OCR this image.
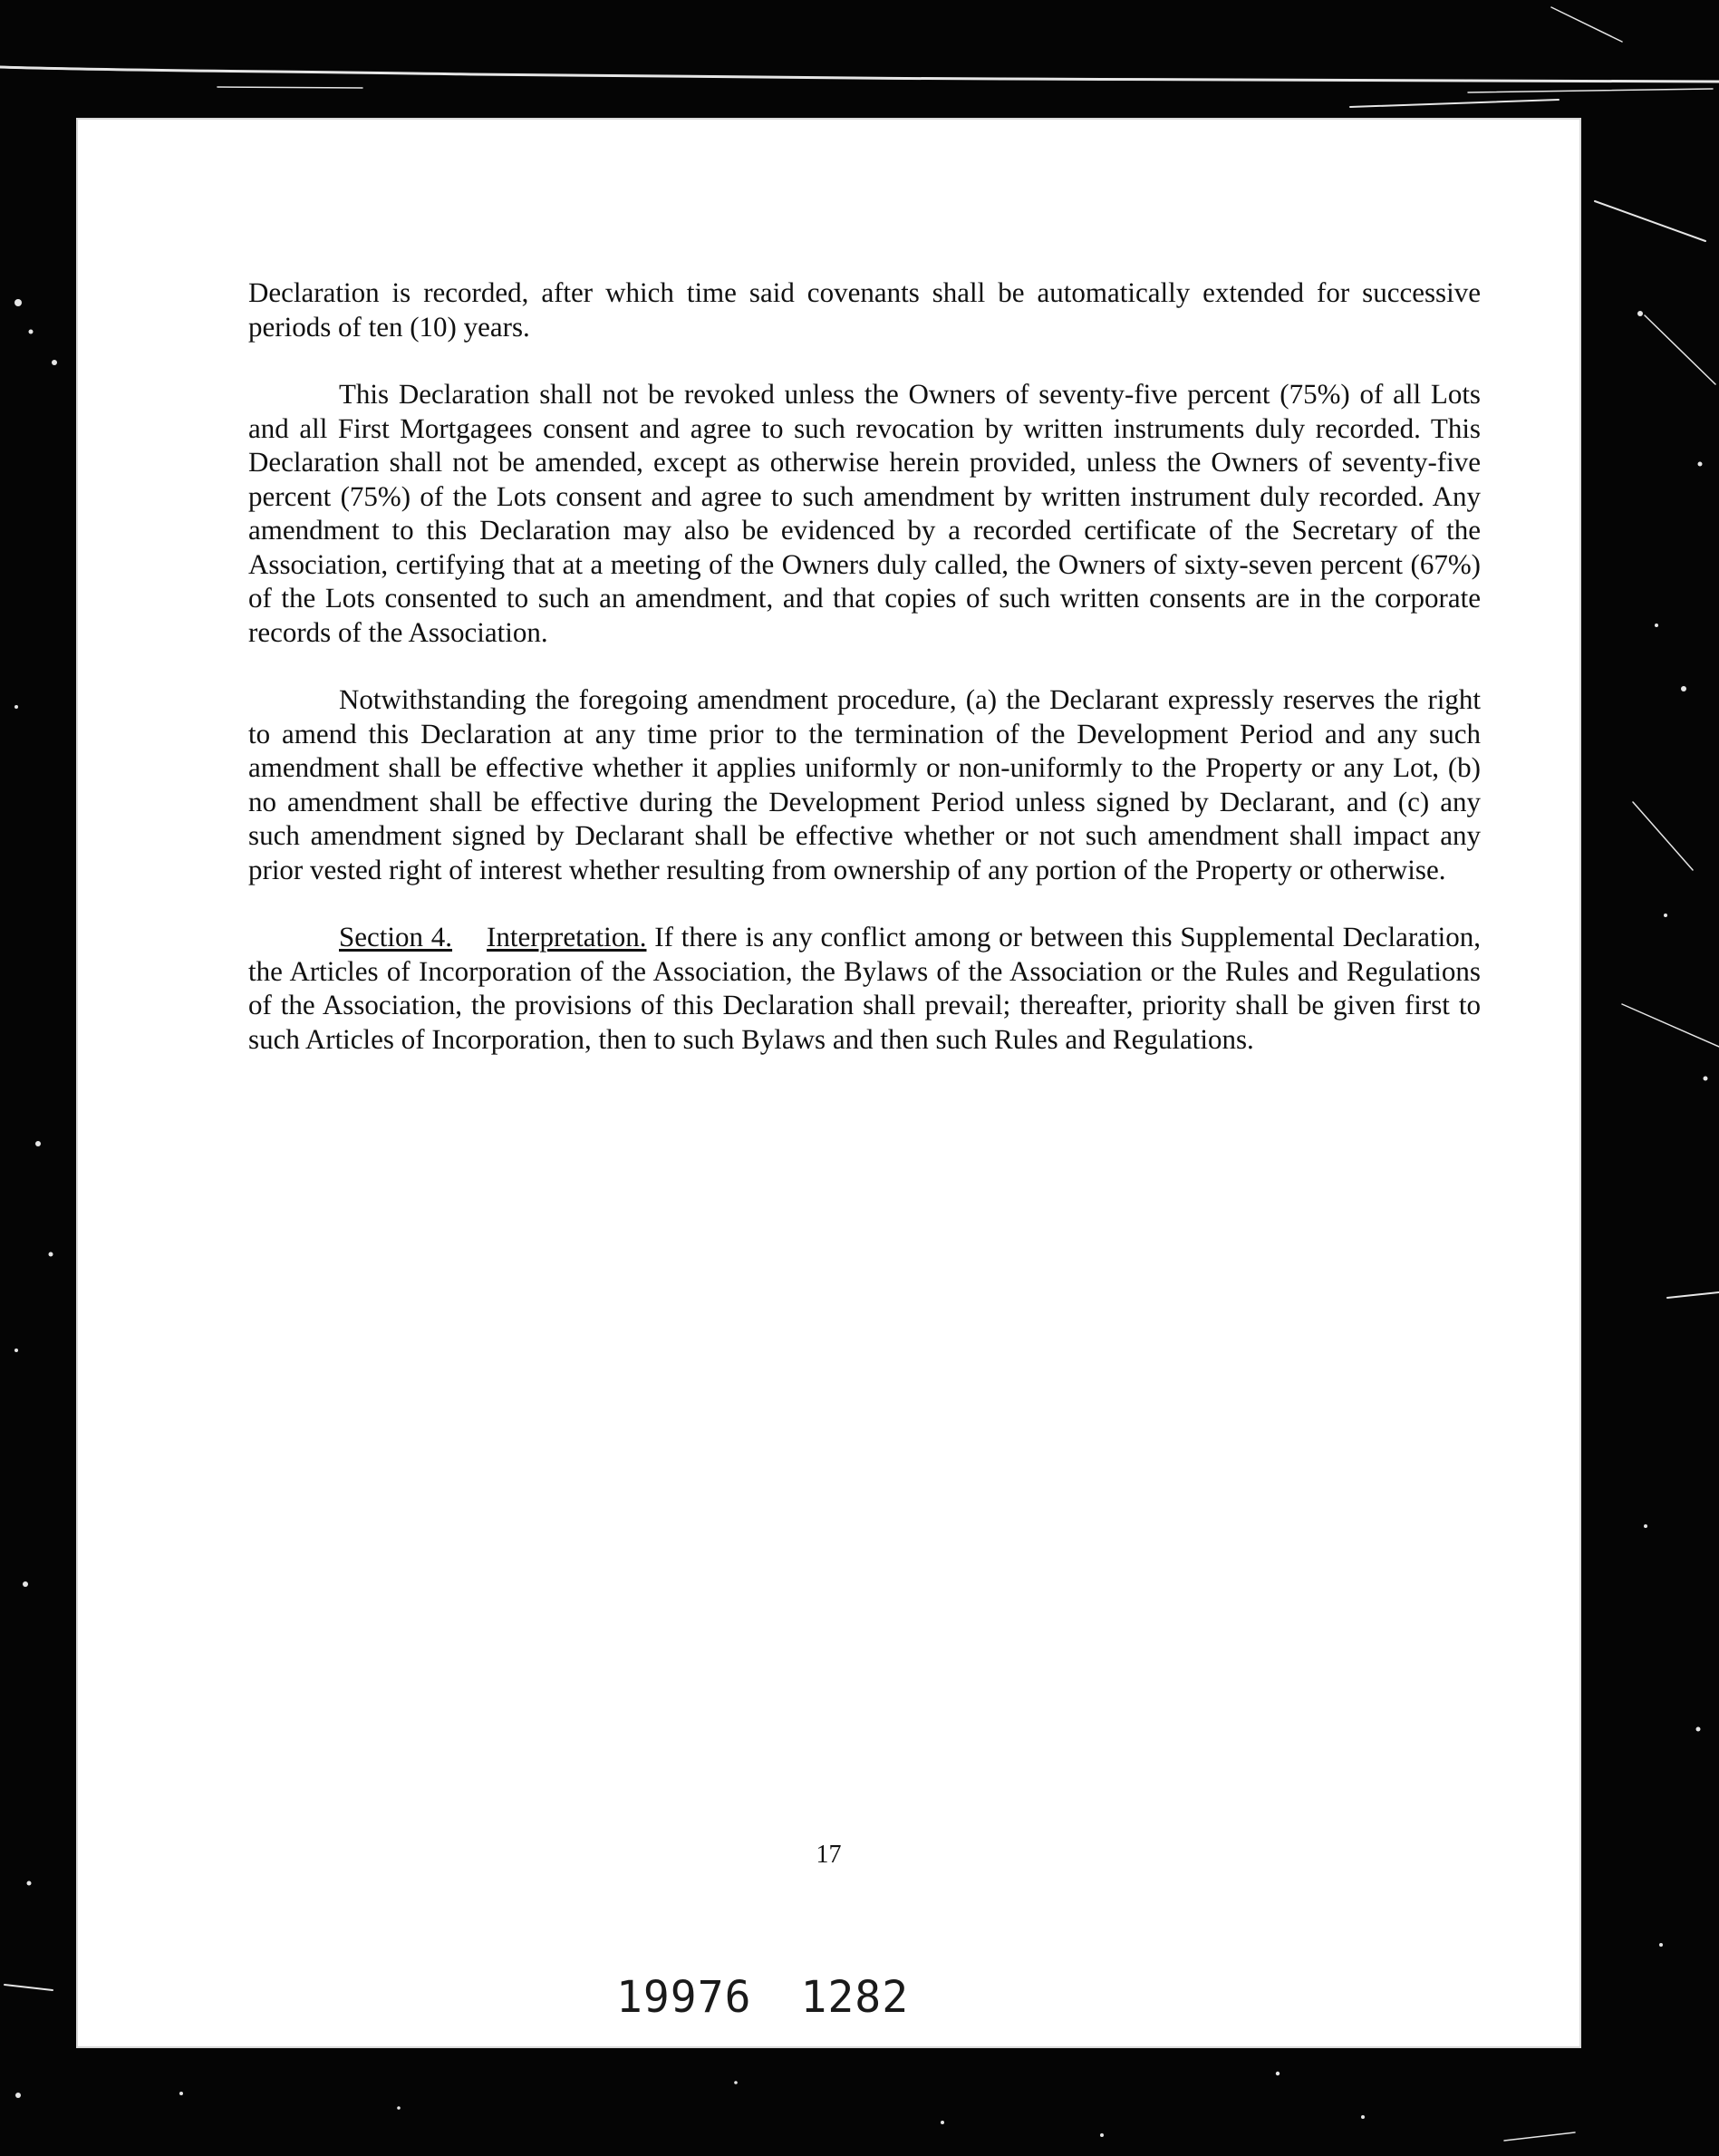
Declaration is recorded, after which time said covenants shall be automatically extended for successive periods of ten (10) years.

This Declaration shall not be revoked unless the Owners of seventy-five percent (75%) of all Lots and all First Mortgagees consent and agree to such revocation by written instruments duly recorded. This Declaration shall not be amended, except as otherwise herein provided, unless the Owners of seventy-five percent (75%) of the Lots consent and agree to such amendment by written instrument duly recorded. Any amendment to this Declaration may also be evidenced by a recorded certificate of the Secretary of the Association, certifying that at a meeting of the Owners duly called, the Owners of sixty-seven percent (67%) of the Lots consented to such an amendment, and that copies of such written consents are in the corporate records of the Association.

Notwithstanding the foregoing amendment procedure, (a) the Declarant expressly reserves the right to amend this Declaration at any time prior to the termination of the Development Period and any such amendment shall be effective whether it applies uniformly or non-uniformly to the Property or any Lot, (b) no amendment shall be effective during the Development Period unless signed by Declarant, and (c) any such amendment signed by Declarant shall be effective whether or not such amendment shall impact any prior vested right of interest whether resulting from ownership of any portion of the Property or otherwise.

Section 4. Interpretation. If there is any conflict among or between this Supplemental Declaration, the Articles of Incorporation of the Association, the Bylaws of the Association or the Rules and Regulations of the Association, the provisions of this Declaration shall prevail; thereafter, priority shall be given first to such Articles of Incorporation, then to such Bylaws and then such Rules and Regulations.

17
19976 1282
